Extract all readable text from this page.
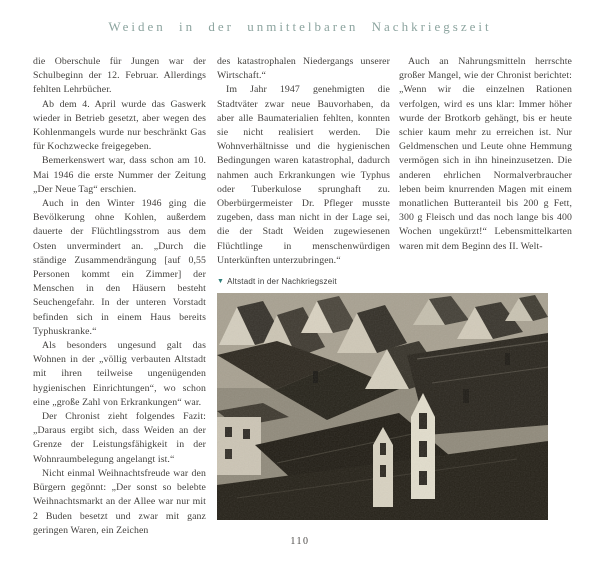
Weiden in der unmittelbaren Nachkriegszeit

die Oberschule für Jungen war der Schulbeginn der 12. Februar. Allerdings fehlten Lehrbücher.

Ab dem 4. April wurde das Gaswerk wieder in Betrieb gesetzt, aber wegen des Kohlenmangels wurde nur beschränkt Gas für Kochzwecke freigegeben.

Bemerkenswert war, dass schon am 10. Mai 1946 die erste Nummer der Zeitung „Der Neue Tag“ erschien.

Auch in den Winter 1946 ging die Bevölkerung ohne Kohlen, außerdem dauerte der Flüchtlingsstrom aus dem Osten unvermindert an. „Durch die ständige Zusammendrängung [auf 0,55 Personen kommt ein Zimmer] der Menschen in den Häusern besteht Seuchengefahr. In der unteren Vorstadt befinden sich in einem Haus bereits Typhuskranke.“

Als besonders ungesund galt das Wohnen in der „völlig verbauten Altstadt mit ihren teilweise ungenügenden hygienischen Einrichtungen“, wo schon eine „große Zahl von Erkrankungen“ war.

Der Chronist zieht folgendes Fazit: „Daraus ergibt sich, dass Weiden an der Grenze der Leistungsfähigkeit in der Wohnraumbelegung angelangt ist.“

Nicht einmal Weihnachtsfreude war den Bürgern gegönnt: „Der sonst so belebte Weihnachtsmarkt an der Allee war nur mit 2 Buden besetzt und zwar mit ganz geringen Waren, ein Zeichen

des katastrophalen Niedergangs unserer Wirtschaft.“

Im Jahr 1947 genehmigten die Stadtväter zwar neue Bauvorhaben, da aber alle Baumaterialien fehlten, konnten sie nicht realisiert werden. Die Wohnverhältnisse und die hygienischen Bedingungen waren katastrophal, dadurch nahmen auch Erkrankungen wie Typhus oder Tuberkulose sprunghaft zu. Oberbürgermeister Dr. Pfleger musste zugeben, dass man nicht in der Lage sei, die der Stadt Weiden zugewiesenen Flüchtlinge in menschenwürdigen Unterkünften unterzubringen.“

Auch an Nahrungsmitteln herrschte großer Mangel, wie der Chronist berichtet: „Wenn wir die einzelnen Rationen verfolgen, wird es uns klar: Immer höher wurde der Brotkorb gehängt, bis er heute schier kaum mehr zu erreichen ist. Nur Geldmenschen und Leute ohne Hemmung vermögen sich in ihn hineinzusetzen. Die anderen ehrlichen Normalverbraucher leben beim knurrenden Magen mit einem monatlichen Butteranteil bis 200 g Fett, 300 g Fleisch und das noch lange bis 400 Wochen ungekürzt!“ Lebensmittelkarten waren mit dem Beginn des II. Welt-

▼ Altstadt in der Nachkriegszeit
110
